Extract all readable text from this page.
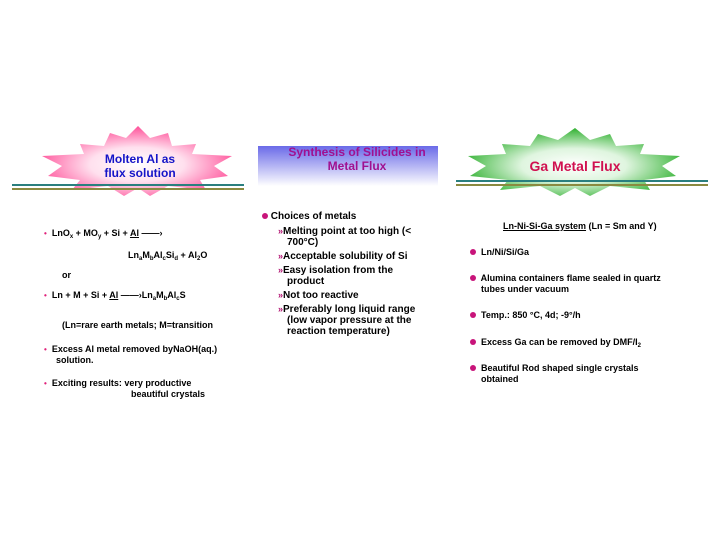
Molten Al as
flux solution
Synthesis of Silicides in
Metal Flux	Ga Metal Flux
• $LnO_x + MO_y + Si + Al$ ——›
$Ln_aM_bAl_cSi_d + Al_2O$
or
• Ln + M + Si + Al $——›Ln_aM_bAl_cS$
(Ln=rare earth metals; M=transition
• Excess Al metal removed byNaOH(aq.)
solution.
• Exciting results: very productive
beautiful crystals
Choices of metals
»Melting point at too high (<
700°C)
»Acceptable solubility of Si
»Easy isolation from the
product
»Not too reactive
»Preferably long liquid range
(low vapor pressure at the
reaction temperature)
Ln-Ni-Si-Ga system (Ln = Sm and Y)
Ln/Ni/Si/Ga
Alumina containers flame sealed in quartz
tubes under vacuum
Temp.: 850 °C, 4d; -9°/h
Excess Ga can be removed by DMF/$I_2$
Beautiful Rod shaped single crystals
obtained
